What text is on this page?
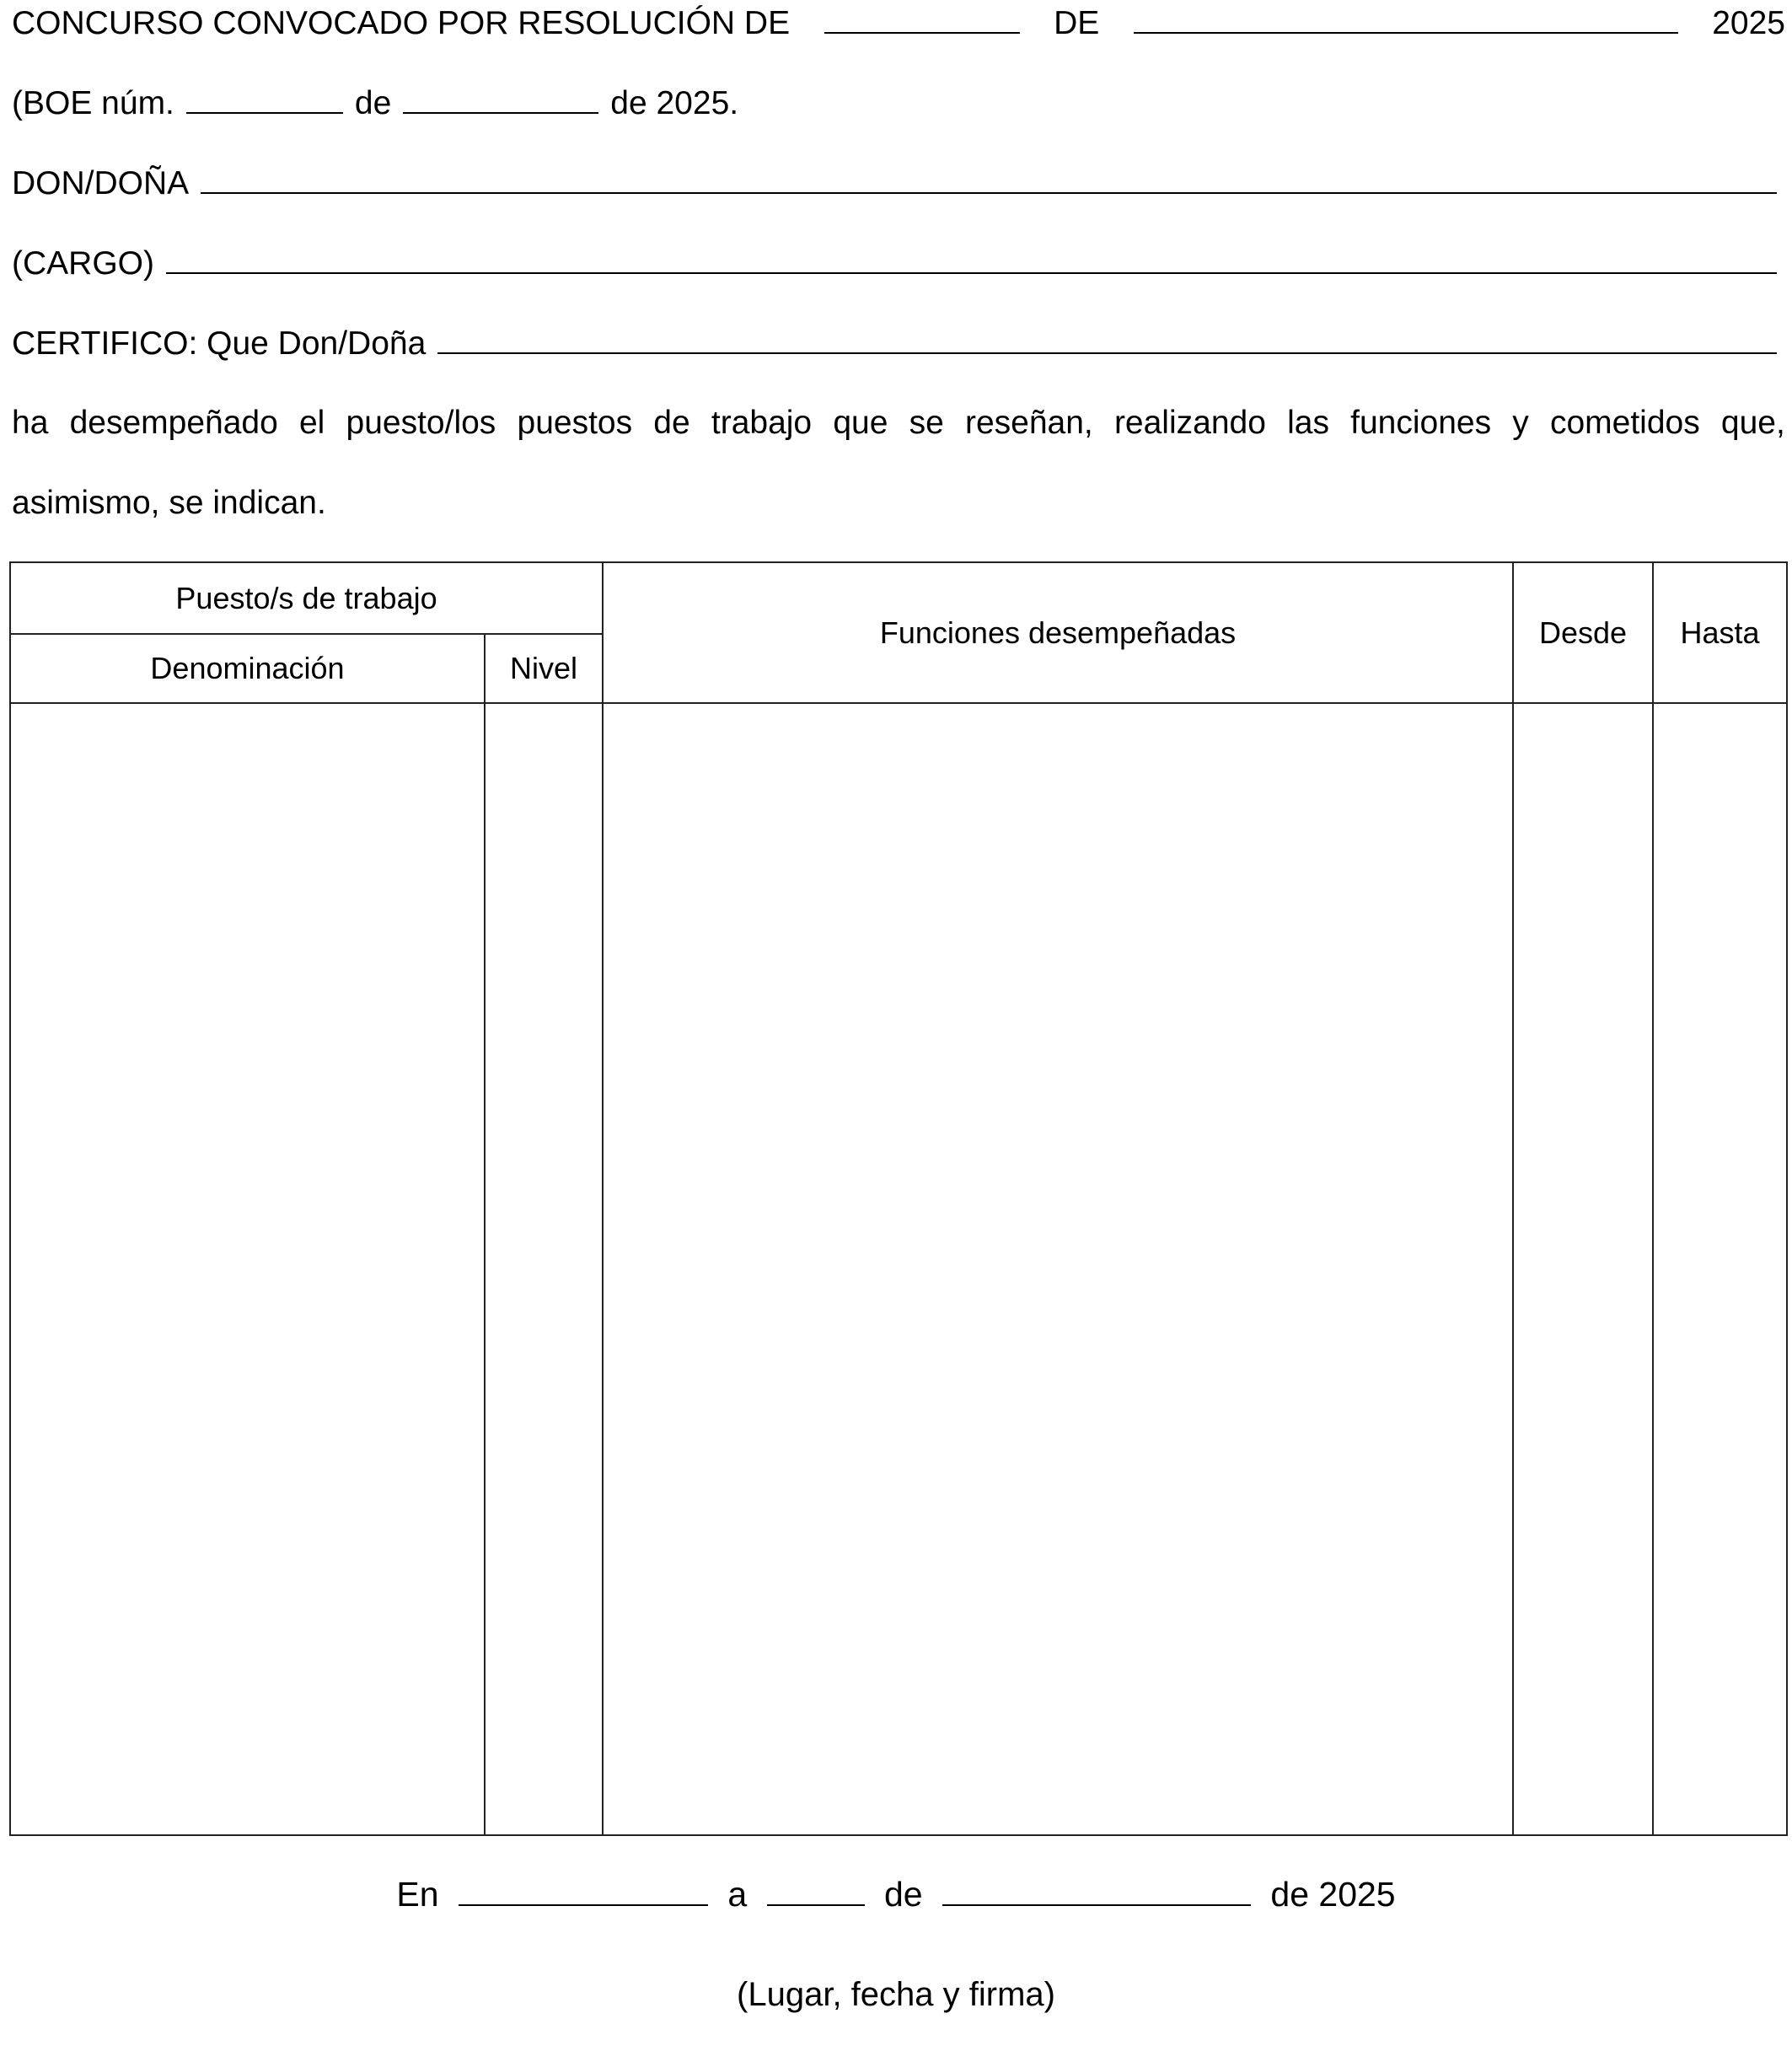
CONCURSO CONVOCADO POR RESOLUCIÓN DE	DE	2025
(BOE núm.	de	de 2025.
DON/DOÑA
(CARGO)
CERTIFICO: Que Don/Doña
ha desempeñado el puesto/los puestos de trabajo que se reseñan, realizando las funciones y cometidos que,
asimismo, se indican.
Puesto/s de trabajo		Funciones desempeñadas	Desde	Hasta
Denominación	Nivel			

En	a	de	de 2025
(Lugar, fecha y firma)
